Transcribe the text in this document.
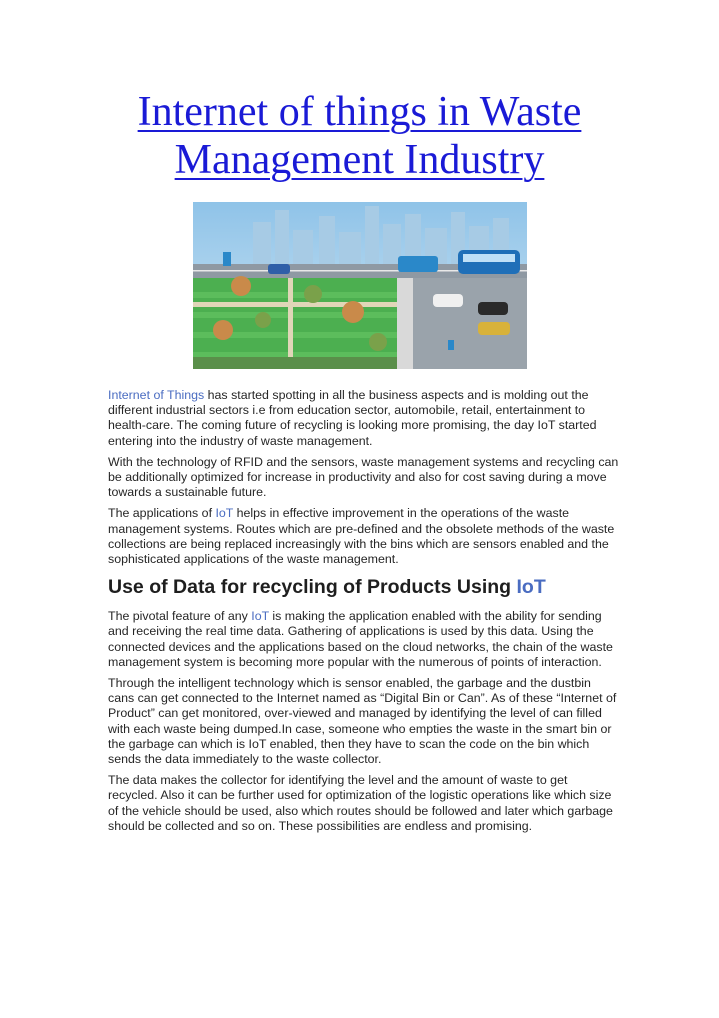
Internet of things in Waste
Management Industry

Internet of Things has started spotting in all the business aspects and is molding out the different industrial sectors i.e from education sector, automobile, retail, entertainment to health-care. The coming future of recycling is looking more promising, the day IoT started entering into the industry of waste management.

With the technology of RFID and the sensors, waste management systems and recycling can be additionally optimized for increase in productivity and also for cost saving during a move towards a sustainable future.

The applications of IoT helps in effective improvement in the operations of the waste management systems. Routes which are pre-defined and the obsolete methods of the waste collections are being replaced increasingly with the bins which are sensors enabled and the sophisticated applications of the waste management.

Use of Data for recycling of Products Using IoT

The pivotal feature of any IoT is making the application enabled with the ability for sending and receiving the real time data. Gathering of applications is used by this data. Using the connected devices and the applications based on the cloud networks, the chain of the waste management system is becoming more popular with the numerous of points of interaction.

Through the intelligent technology which is sensor enabled, the garbage and the dustbin cans can get connected to the Internet named as “Digital Bin or Can”. As of these “Internet of Product” can get monitored, over-viewed and managed by identifying the level of can filled with each waste being dumped.In case, someone who empties the waste in the smart bin or the garbage can which is IoT enabled, then they have to scan the code on the bin which sends the data immediately to the waste collector.

The data makes the collector for identifying the level and the amount of waste to get recycled. Also it can be further used for optimization of the logistic operations like which size of the vehicle should be used, also which routes should be followed and later which garbage should be collected and so on. These possibilities are endless and promising.
